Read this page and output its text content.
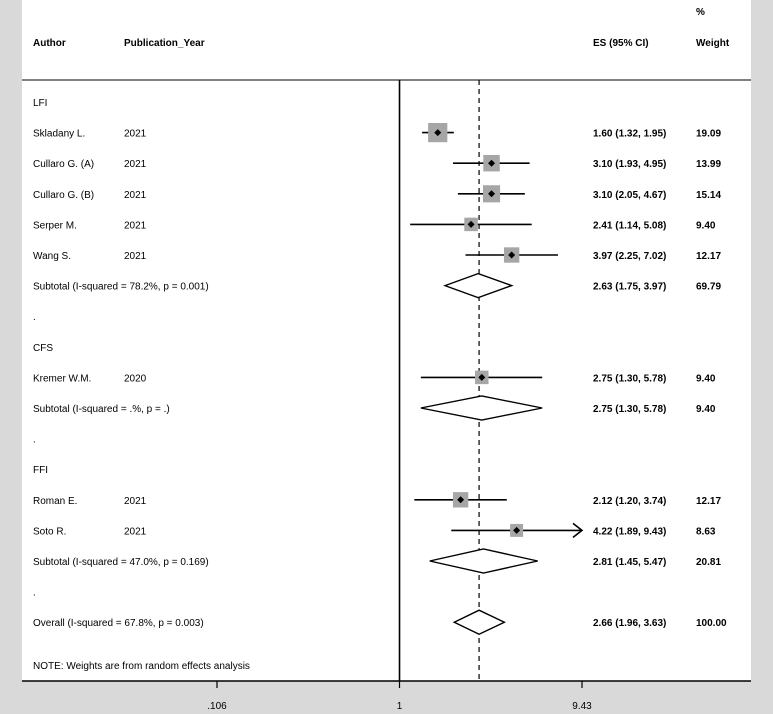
Author	Publication_Year	ES (95% CI)
%
Weight
LFI
Skladany L.	2021	1.60 (1.32, 1.95)	19.09
Cullaro G. (A)	2021	3.10 (1.93, 4.95)	13.99
Cullaro G. (B)	2021	3.10 (2.05, 4.67)	15.14
Serper M.	2021	2.41 (1.14, 5.08)	9.40
Wang S.	2021	3.97 (2.25, 7.02)	12.17
Subtotal (I-squared = 78.2%, p = 0.001)	2.63 (1.75, 3.97)	69.79
.
CFS
Kremer W.M.	2020	2.75 (1.30, 5.78)	9.40
Subtotal (I-squared = .%, p = .)	2.75 (1.30, 5.78)	9.40
.
FFI
Roman E.	2021	2.12 (1.20, 3.74)	12.17
Soto R.	2021	4.22 (1.89, 9.43)	8.63
Subtotal (I-squared = 47.0%, p = 0.169)	2.81 (1.45, 5.47)	20.81
.
Overall (I-squared = 67.8%, p = 0.003)	2.66 (1.96, 3.63)	100.00
NOTE: Weights are from random effects analysis
.106	1	9.43
